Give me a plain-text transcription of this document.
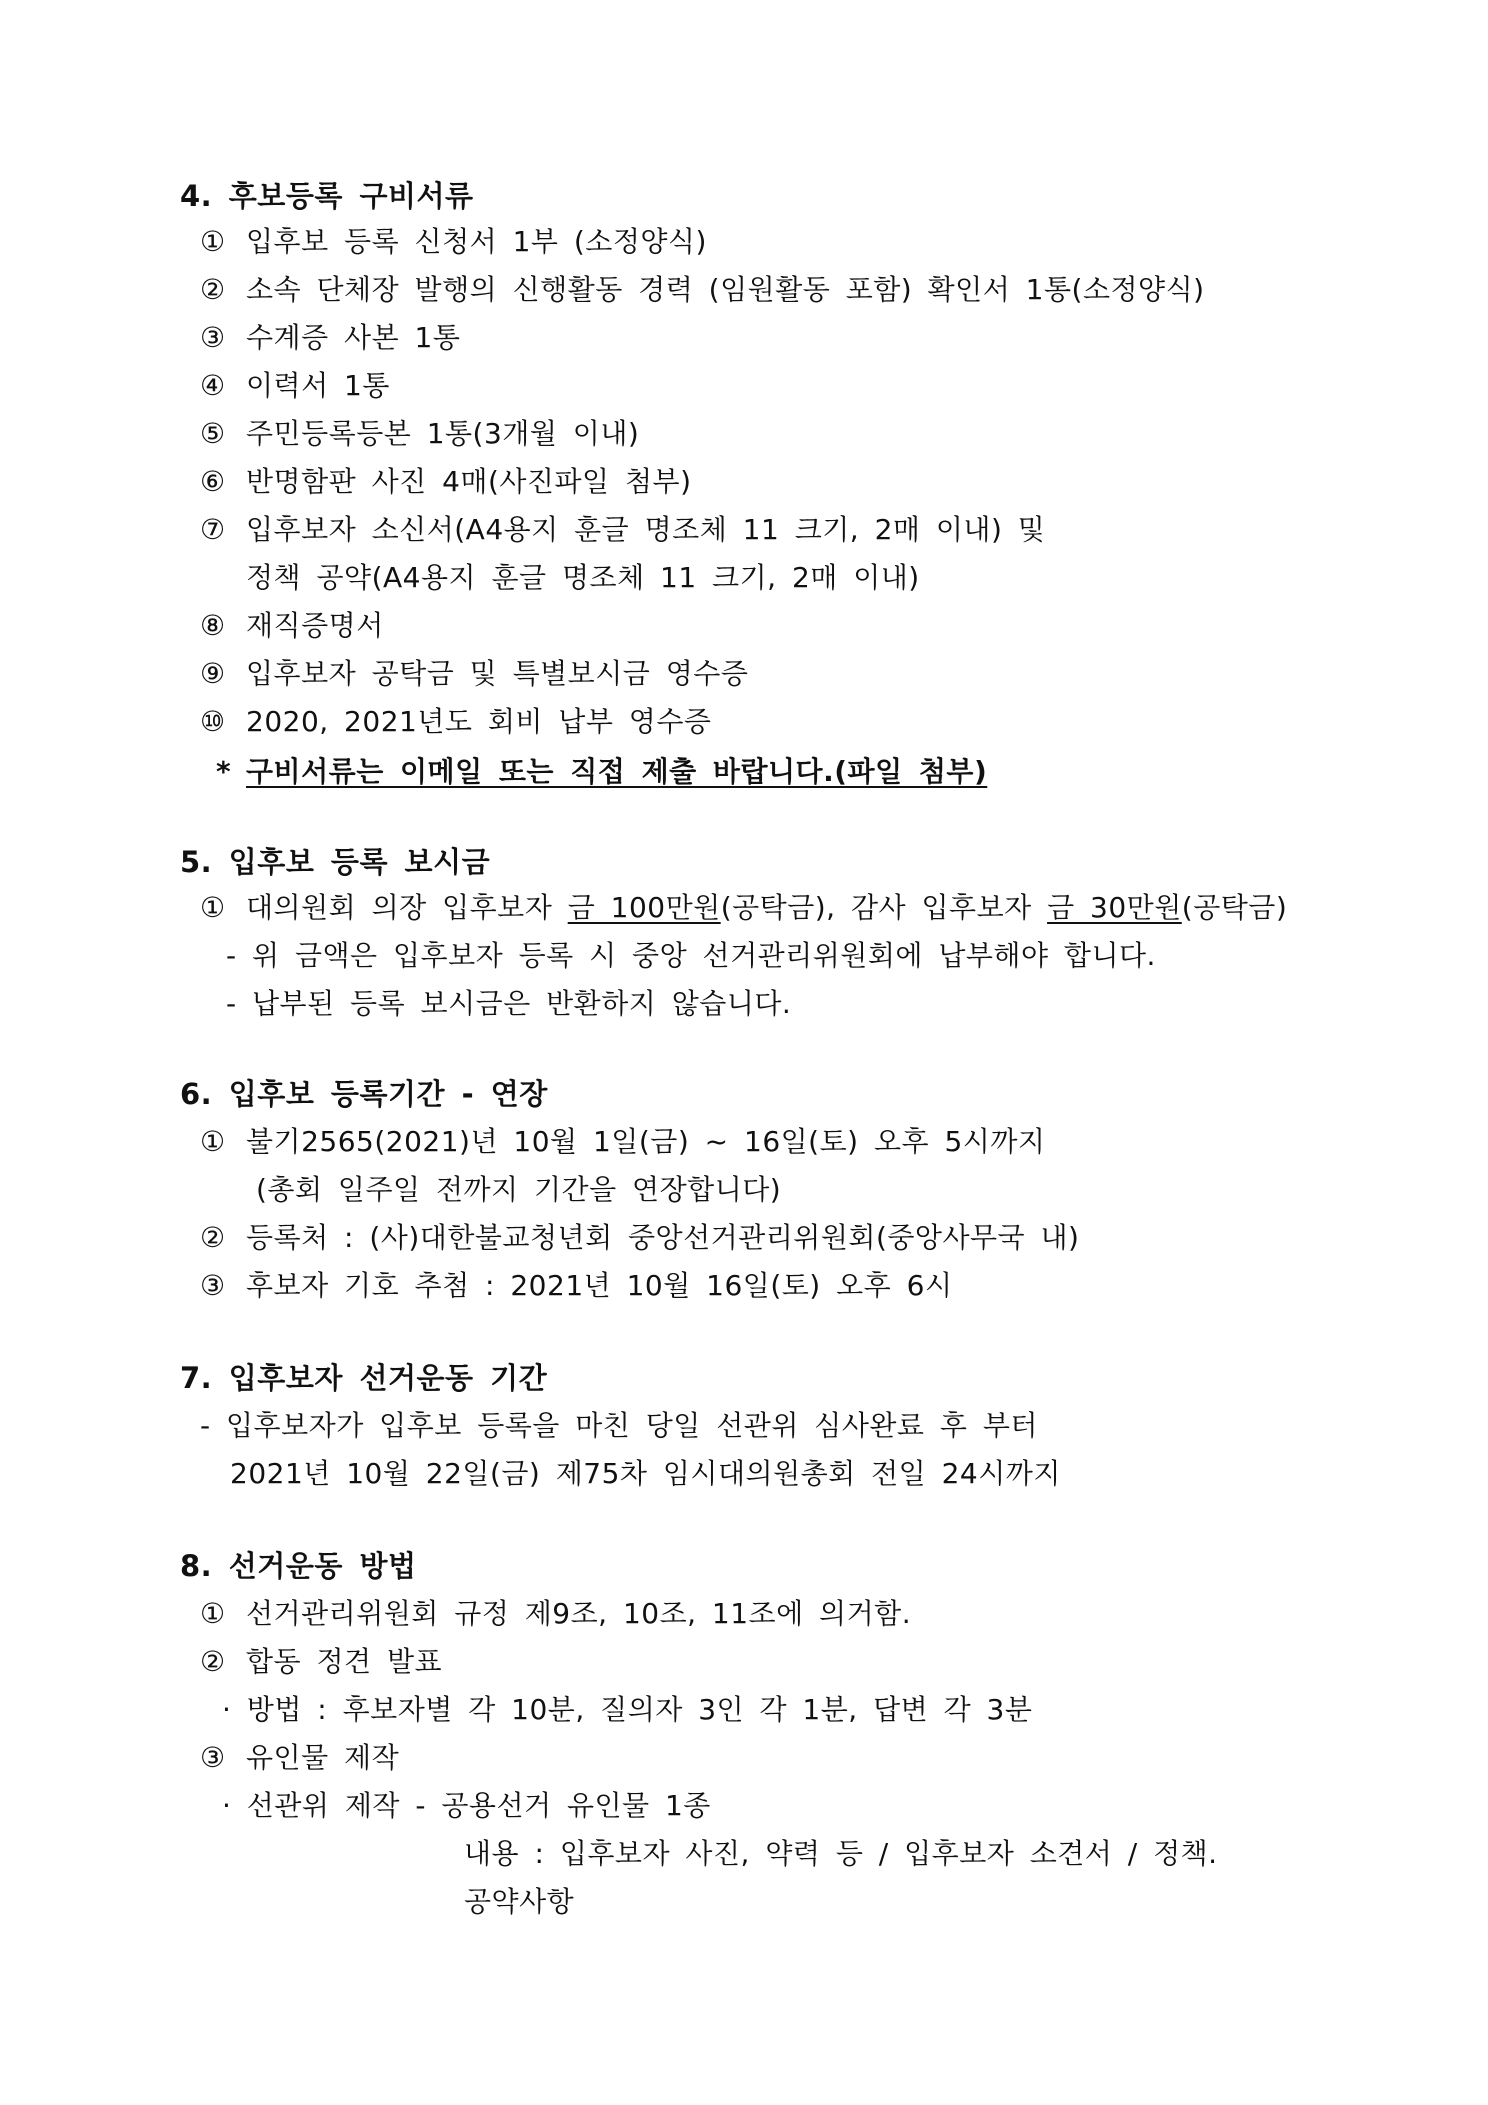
4. 후보등록 구비서류
① 입후보 등록 신청서 1부 (소정양식)
② 소속 단체장 발행의 신행활동 경력 (임원활동 포함) 확인서 1통(소정양식)
③ 수계증 사본 1통
④ 이력서 1통
⑤ 주민등록등본 1통(3개월 이내)
⑥ 반명함판 사진 4매(사진파일 첨부)
⑦ 입후보자 소신서(A4용지 훈글 명조체 11 크기, 2매 이내) 및
정책 공약(A4용지 훈글 명조체 11 크기, 2매 이내)
⑧ 재직증명서
⑨ 입후보자 공탁금 및 특별보시금 영수증
⑩ 2020, 2021년도 회비 납부 영수증
* 구비서류는 이메일 또는 직접 제출 바랍니다.(파일 첨부)
5. 입후보 등록 보시금
① 대의원회 의장 입후보자 금 100만원(공탁금), 감사 입후보자 금 30만원(공탁금)
- 위 금액은 입후보자 등록 시 중앙 선거관리위원회에 납부해야 합니다.
- 납부된 등록 보시금은 반환하지 않습니다.
6. 입후보 등록기간 - 연장
① 불기2565(2021)년 10월 1일(금) ~ 16일(토) 오후 5시까지
(총회 일주일 전까지 기간을 연장합니다)
② 등록처 : (사)대한불교청년회 중앙선거관리위원회(중앙사무국 내)
③ 후보자 기호 추첨 : 2021년 10월 16일(토) 오후 6시
7. 입후보자 선거운동 기간
- 입후보자가 입후보 등록을 마친 당일 선관위 심사완료 후 부터
2021년 10월 22일(금) 제75차 임시대의원총회 전일 24시까지
8. 선거운동 방법
① 선거관리위원회 규정 제9조, 10조, 11조에 의거함.
② 합동 정견 발표
· 방법 : 후보자별 각 10분, 질의자 3인 각 1분, 답변 각 3분
③ 유인물 제작
· 선관위 제작 - 공용선거 유인물 1종
내용 : 입후보자 사진, 약력 등 / 입후보자 소견서 / 정책.
공약사항
